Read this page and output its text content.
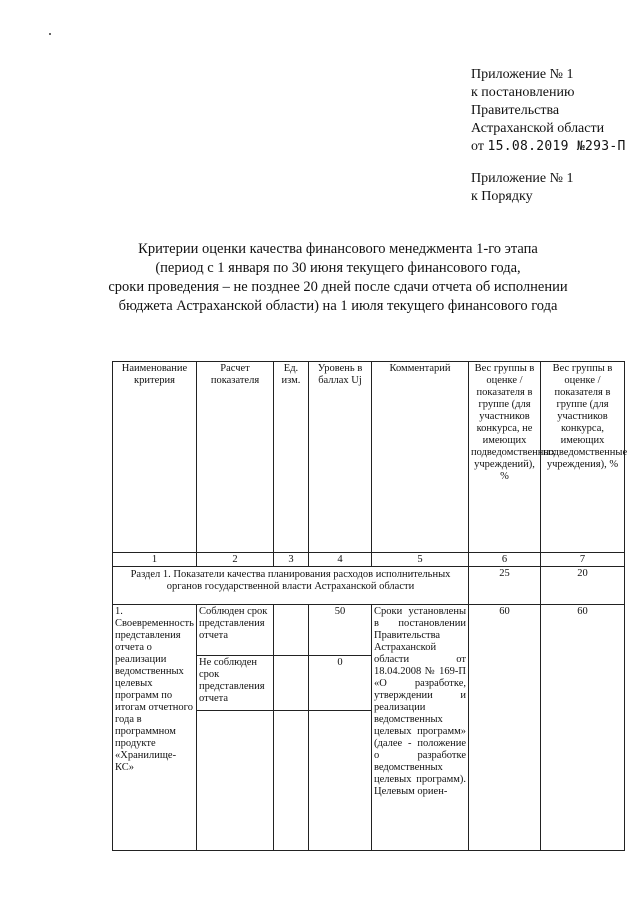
Приложение № 1
к постановлению
Правительства
Астраханской области
от 15.08.2019 №293-П
Приложение № 1
к Порядку
Критерии оценки качества финансового менеджмента 1-го этапа
(период с 1 января по 30 июня текущего финансового года,
сроки проведения – не позднее 20 дней после сдачи отчета об исполнении
бюджета Астраханской области) на 1 июля текущего финансового года
Наименование критерия	Расчет показателя	Ед. изм.	Уровень в баллах Uj	Комментарий	Вес группы в оценке / показателя в группе (для участников конкурса, не имеющих подведомственных учреждений), %	Вес группы в оценке / показателя в группе (для участников конкурса, имеющих подведомственные учреждения), %
1	2	3	4	5	6	7
Раздел 1. Показатели качества планирования расходов исполнительных органов государственной власти Астраханской области					25	20
1. Своевременность представления отчета о реализации ведомственных целевых программ по итогам отчетного года в программном продукте «Хранилище-КС»	Соблюден срок представления отчета		50	Сроки установлены в постановлении Правительства Астраханской области от 18.04.2008 № 169-П «О разработке, утверждении и реализации ведомственных целевых программ» (далее - положение о разработке ведомственных целевых программ). Целевым ориен-	60	60
	Не соблюден срок представления отчета		0			
